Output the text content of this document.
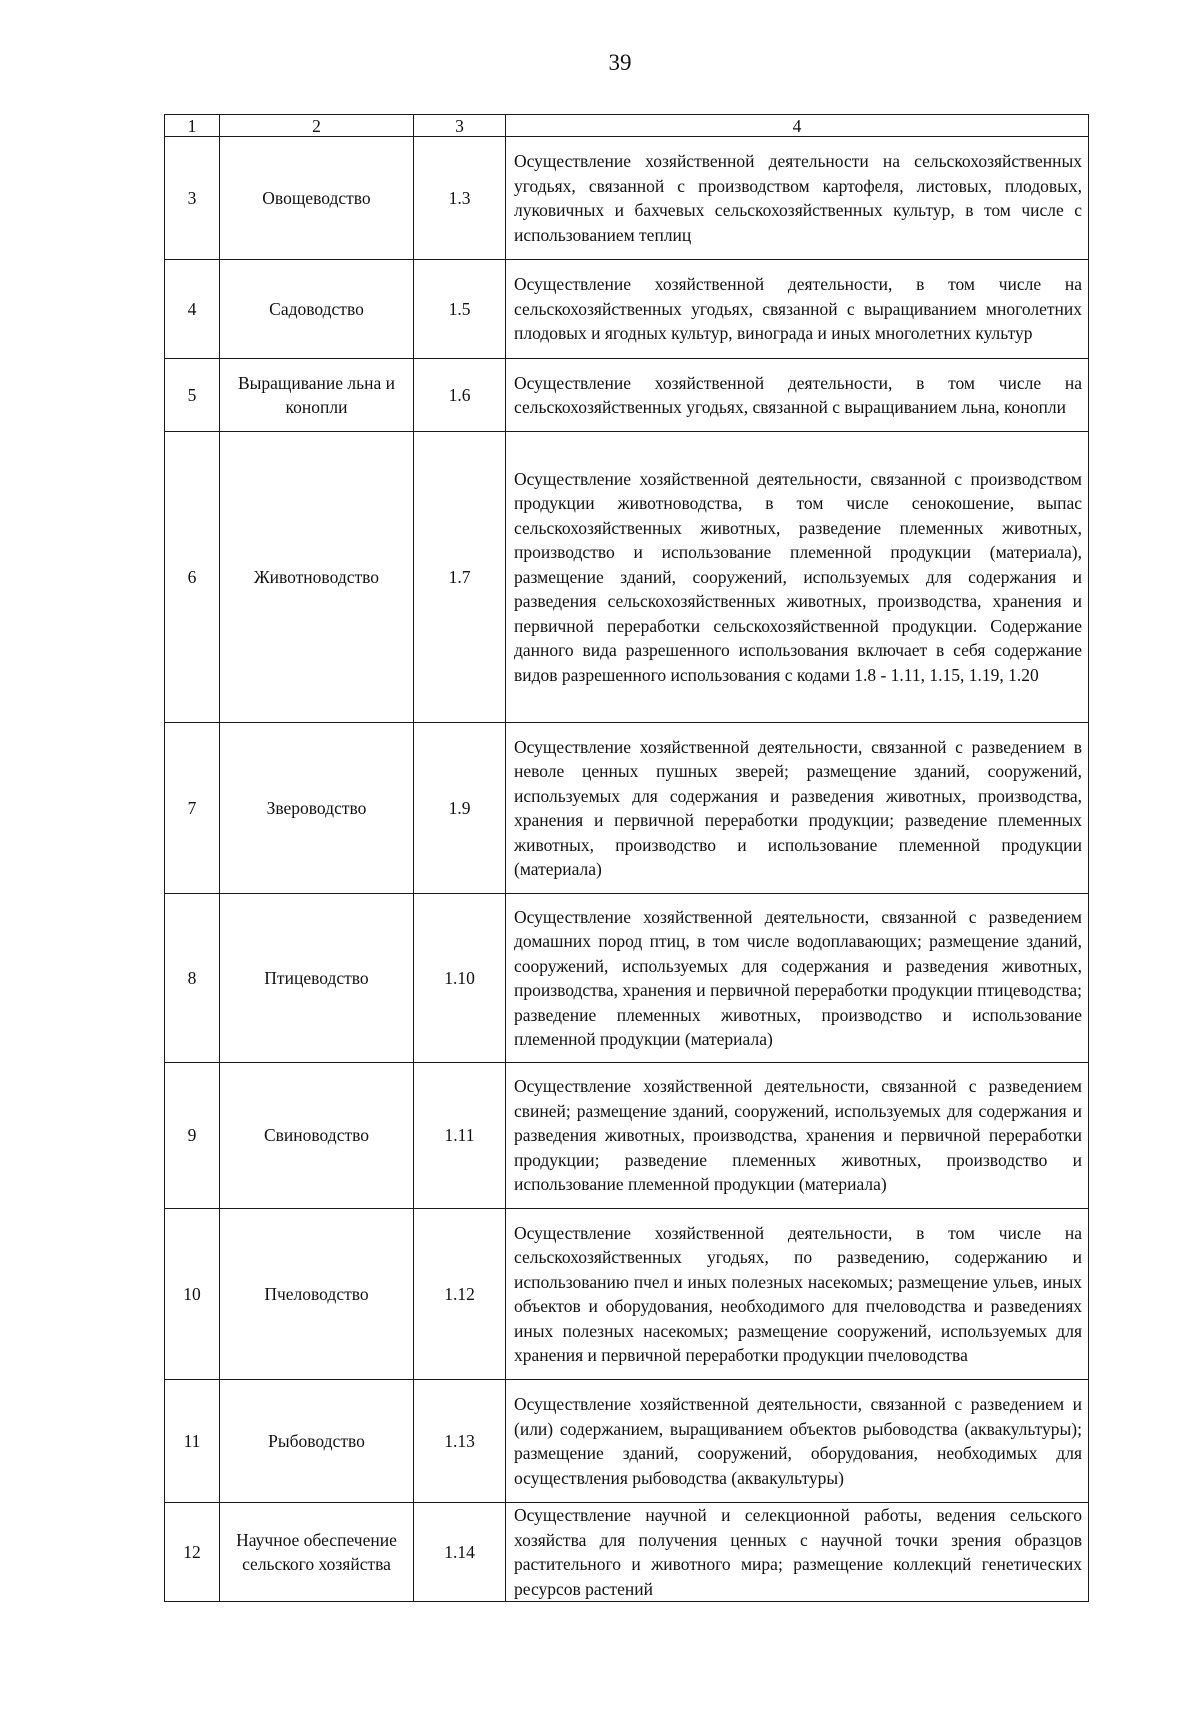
39
1	2	3	4
3	Овощеводство	1.3	Осуществление хозяйственной деятельности на сельскохозяйственных угодьях, связанной с производством картофеля, листовых, плодовых, луковичных и бахчевых сельскохозяйственных культур, в том числе с использованием теплиц
4	Садоводство	1.5	Осуществление хозяйственной деятельности, в том числе на сельскохозяйственных угодьях, связанной с выращиванием многолетних плодовых и ягодных культур, винограда и иных многолетних культур
5	Выращивание льна и конопли	1.6	Осуществление хозяйственной деятельности, в том числе на сельскохозяйственных угодьях, связанной с выращиванием льна, конопли
6	Животноводство	1.7	Осуществление хозяйственной деятельности, связанной с производством продукции животноводства, в том числе сенокошение, выпас сельскохозяйственных животных, разведение племенных животных, производство и использование племенной продукции (материала), размещение зданий, сооружений, используемых для содержания и разведения сельскохозяйственных животных, производства, хранения и первичной переработки сельскохозяйственной продукции. Содержание данного вида разрешенного использования включает в себя содержание видов разрешенного использования с кодами 1.8 - 1.11, 1.15, 1.19, 1.20
7	Звероводство	1.9	Осуществление хозяйственной деятельности, связанной с разведением в неволе ценных пушных зверей; размещение зданий, сооружений, используемых для содержания и разведения животных, производства, хранения и первичной переработки продукции; разведение племенных животных, производство и использование племенной продукции (материала)
8	Птицеводство	1.10	Осуществление хозяйственной деятельности, связанной с разведением домашних пород птиц, в том числе водоплавающих; размещение зданий, сооружений, используемых для содержания и разведения животных, производства, хранения и первичной переработки продукции птицеводства; разведение племенных животных, производство и использование племенной продукции (материала)
9	Свиноводство	1.11	Осуществление хозяйственной деятельности, связанной с разведением свиней; размещение зданий, сооружений, используемых для содержания и разведения животных, производства, хранения и первичной переработки продукции; разведение племенных животных, производство и использование племенной продукции (материала)
10	Пчеловодство	1.12	Осуществление хозяйственной деятельности, в том числе на сельскохозяйственных угодьях, по разведению, содержанию и использованию пчел и иных полезных насекомых; размещение ульев, иных объектов и оборудования, необходимого для пчеловодства и разведениях иных полезных насекомых; размещение сооружений, используемых для хранения и первичной переработки продукции пчеловодства
11	Рыбоводство	1.13	Осуществление хозяйственной деятельности, связанной с разведением и (или) содержанием, выращиванием объектов рыбоводства (аквакультуры); размещение зданий, сооружений, оборудования, необходимых для осуществления рыбоводства (аквакультуры)
12	Научное обеспечение сельского хозяйства	1.14	Осуществление научной и селекционной работы, ведения сельского хозяйства для получения ценных с научной точки зрения образцов растительного и животного мира; размещение коллекций генетических ресурсов растений
